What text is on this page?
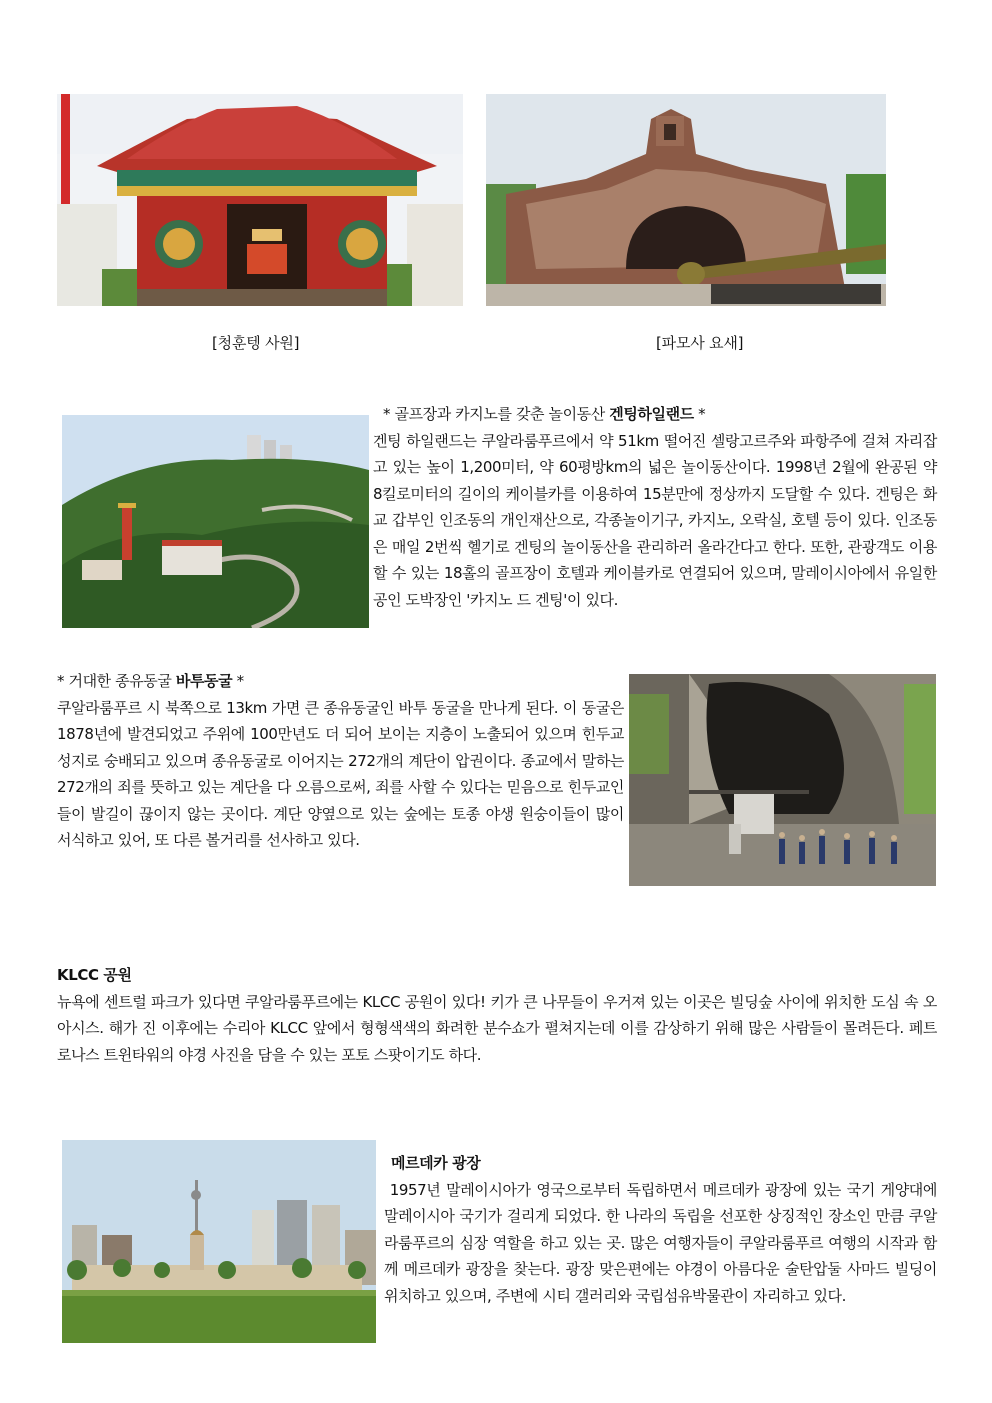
[청훈텡 사원]	[파모사 요새]

* 골프장과 카지노를 갖춘 놀이동산 겐팅하일랜드 *

겐팅 하일랜드는 쿠알라룸푸르에서 약 51km 떨어진 셀랑고르주와 파항주에 걸쳐 자리잡고 있는 높이 1,200미터, 약 60평방km의 넓은 놀이동산이다. 1998년 2월에 완공된 약 8킬로미터의 길이의 케이블카를 이용하여 15분만에 정상까지 도달할 수 있다. 겐팅은 화교 갑부인 인조동의 개인재산으로, 각종놀이기구, 카지노, 오락실, 호텔 등이 있다. 인조동은 매일 2번씩 헬기로 겐팅의 놀이동산을 관리하러 올라간다고 한다. 또한, 관광객도 이용할 수 있는 18홀의 골프장이 호텔과 케이블카로 연결되어 있으며, 말레이시아에서 유일한 공인 도박장인 '카지노 드 겐팅'이 있다.

* 거대한 종유동굴 바투동굴 *

쿠알라룸푸르 시 북쪽으로 13km 가면 큰 종유동굴인 바투 동굴을 만나게 된다. 이 동굴은 1878년에 발견되었고 주위에 100만년도 더 되어 보이는 지층이 노출되어 있으며 힌두교 성지로 숭배되고 있으며 종유동굴로 이어지는 272개의 계단이 압권이다. 종교에서 말하는 272개의 죄를 뜻하고 있는 계단을 다 오름으로써, 죄를 사할 수 있다는 믿음으로 힌두교인들이 발길이 끊이지 않는 곳이다. 계단 양옆으로 있는 숲에는 토종 야생 원숭이들이 많이 서식하고 있어, 또 다른 볼거리를 선사하고 있다.

KLCC 공원

뉴욕에 센트럴 파크가 있다면 쿠알라룸푸르에는 KLCC 공원이 있다! 키가 큰 나무들이 우거져 있는 이곳은 빌딩숲 사이에 위치한 도심 속 오아시스. 해가 진 이후에는 수리아 KLCC 앞에서 형형색색의 화려한 분수쇼가 펼쳐지는데 이를 감상하기 위해 많은 사람들이 몰려든다. 페트로나스 트윈타워의 야경 사진을 담을 수 있는 포토 스팟이기도 하다.

메르데카 광장

1957년 말레이시아가 영국으로부터 독립하면서 메르데카 광장에 있는 국기 게양대에 말레이시아 국기가 걸리게 되었다. 한 나라의 독립을 선포한 상징적인 장소인 만큼 쿠알라룸푸르의 심장 역할을 하고 있는 곳. 많은 여행자들이 쿠알라룸푸르 여행의 시작과 함께 메르데카 광장을 찾는다. 광장 맞은편에는 야경이 아름다운 술탄압둘 사마드 빌딩이 위치하고 있으며, 주변에 시티 갤러리와 국립섬유박물관이 자리하고 있다.
